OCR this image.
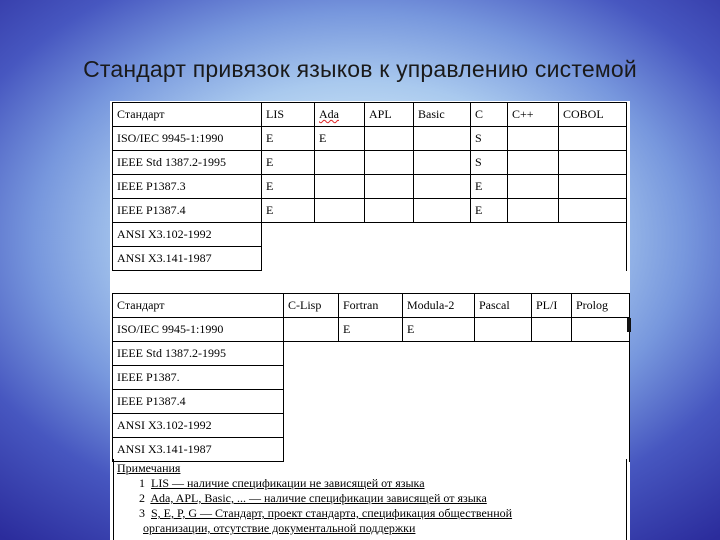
Стандарт привязок языков к управлению системой
Стандарт	LIS	Ada	APL	Basic	C	C++	COBOL
ISO/IEC 9945-1:1990	E	E			S		
IEEE Std 1387.2-1995	E				S		
IEEE P1387.3	E				E		
IEEE P1387.4	E				E		
ANSI X3.102-1992							
ANSI X3.141-1987							
Стандарт	C-Lisp	Fortran	Modula-2	Pascal	PL/I	Prolog
ISO/IEC 9945-1:1990		E	E			
IEEE Std 1387.2-1995						
IEEE P1387.						
IEEE P1387.4						
ANSI X3.102-1992						
ANSI X3.141-1987						
Примечания
1 LIS — наличие спецификации не зависящей от языка
2 Ada, APL, Basic, ... — наличие спецификации зависящей от языка
3 S, E, P, G — Стандарт, проект стандарта, спецификация общественной
организации, отсутствие документальной поддержки
